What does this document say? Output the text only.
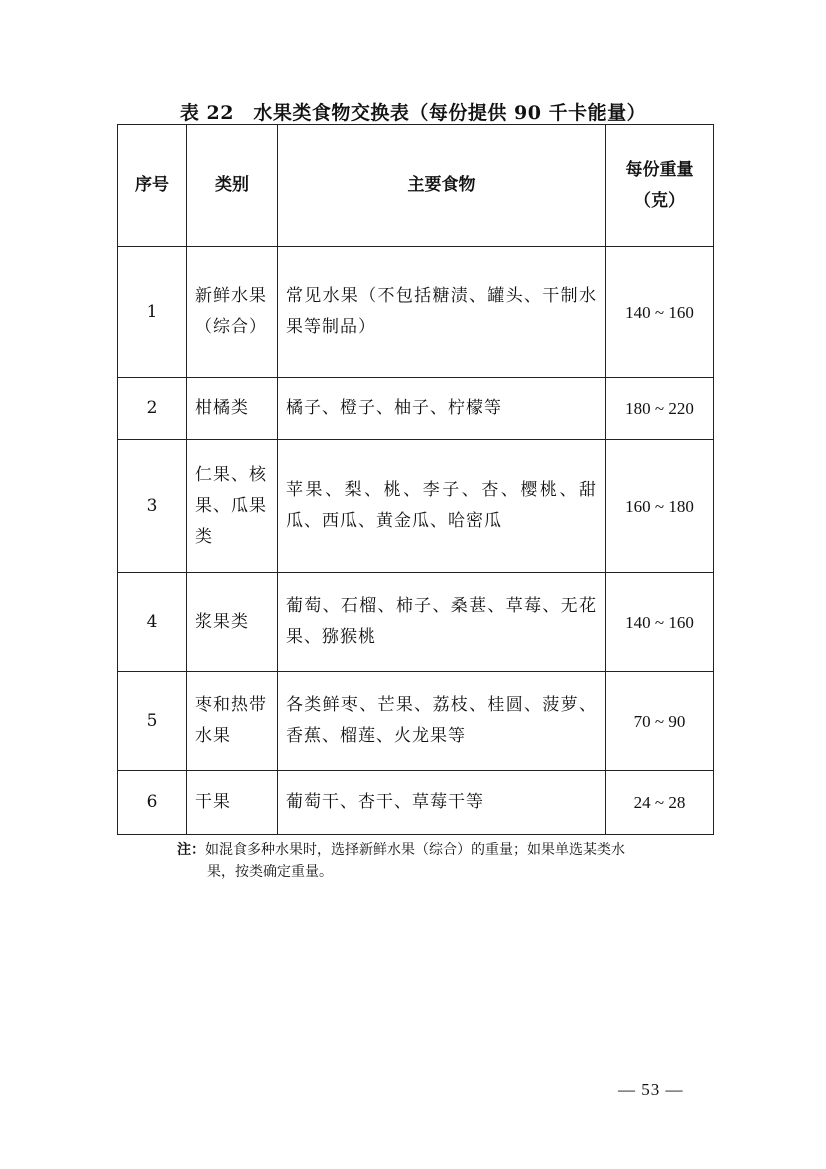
表 22　水果类食物交换表（每份提供 90 千卡能量）
序号	类别	主要食物	每份重量
（克）

1	新鲜水果（综合）	常见水果（不包括糖渍、罐头、干制水果等制品）	140 ~ 160
2	柑橘类	橘子、橙子、柚子、柠檬等	180 ~ 220
3	仁果、核果、瓜果类	苹果、梨、桃、李子、杏、樱桃、甜瓜、西瓜、黄金瓜、哈密瓜	160 ~ 180
4	浆果类	葡萄、石榴、柿子、桑葚、草莓、无花果、猕猴桃	140 ~ 160
5	枣和热带水果	各类鲜枣、芒果、荔枝、桂圆、菠萝、香蕉、榴莲、火龙果等	70 ~ 90
6	干果	葡萄干、杏干、草莓干等	24 ~ 28
注：如混食多种水果时，选择新鲜水果（综合）的重量；如果单选某类水
果，按类确定重量。
— 53 —
